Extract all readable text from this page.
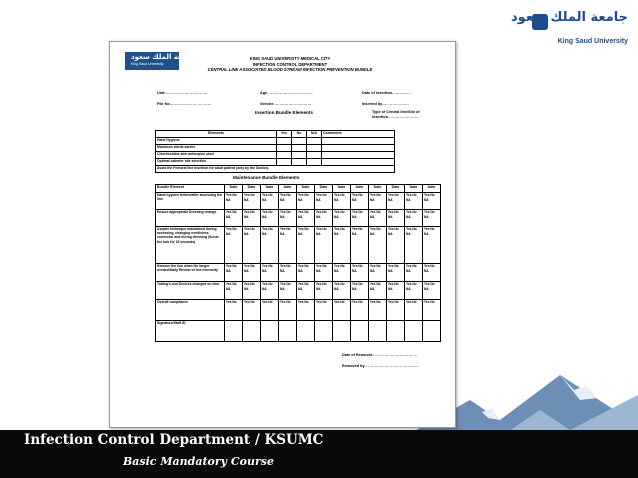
جامعة الملك سعود
King Saud University
جامعة الملك سعود
King Saud University
KING SAUD UNIVERSITY MEDICAL CITY
INFECTION CONTROL DEPARTMENT
CENTRAL LINE ASSOCIATED BLOOD STREAM INFECTION PREVENTION BUNDLE
Unit:……………………………	Age………………………………	Date of insertion……………
File No……………………………	Gender…………………………	Inserted by…………………
Type of Central line/Site of Insertion……………………
Insertion Bundle Elements
Elements	Yes	No	N/A	Comments
Hand Hygiene				
Maximum sterile barrier				
Chlorhexidine skin antisepsis used				
Optimal catheter site selection				
Avoid the Femoral line insertion for adult patient (only by the Doctor).				
Maintenance Bundle Elements
Bundle Element	Date	Date	Date	Date	Date	Date	Date	Date	Date	Date	Date	Date
Hand hygiene before/after accessing the line	Yes No NA	Yes No NA	Yes No NA	Yes No NA	Yes No NA	Yes No NA	Yes No NA	Yes No NA	Yes No NA	Yes No NA	Yes No NA	Yes No NA
Ensure appropriate Dressing change	Yes No NA	Yes No NA	Yes No NA	Yes No NA	Yes No NA	Yes No NA	Yes No NA	Yes No NA	Yes No NA	Yes No NA	Yes No NA	Yes No NA
Aseptic technique maintained during accessing, changing needleless connector and during dressing (Scrub the hub for 15 seconds)	Yes No NA	Yes No NA	Yes No NA	Yes No NA	Yes No NA	Yes No NA	Yes No NA	Yes No NA	Yes No NA	Yes No NA	Yes No NA	Yes No NA
Remove the line when No longer needed/Daily Review of line necessity	Yes No NA	Yes No NA	Yes No NA	Yes No NA	Yes No NA	Yes No NA	Yes No NA	Yes No NA	Yes No NA	Yes No NA	Yes No NA	Yes No NA
Tubing's and Devices changed on time	Yes No NA	Yes No NA	Yes No NA	Yes No NA	Yes No NA	Yes No NA	Yes No NA	Yes No NA	Yes No NA	Yes No NA	Yes No NA	Yes No NA
Overall compliance	Yes No	Yes No	Yes No	Yes No	Yes No	Yes No	Yes No	Yes No	Yes No	Yes No	Yes No	Yes No
Signature/Staff ID												
Date of Removal………………………………
Removed by ……………………………………
Infection Control Department / KSUMC
Basic Mandatory Course
